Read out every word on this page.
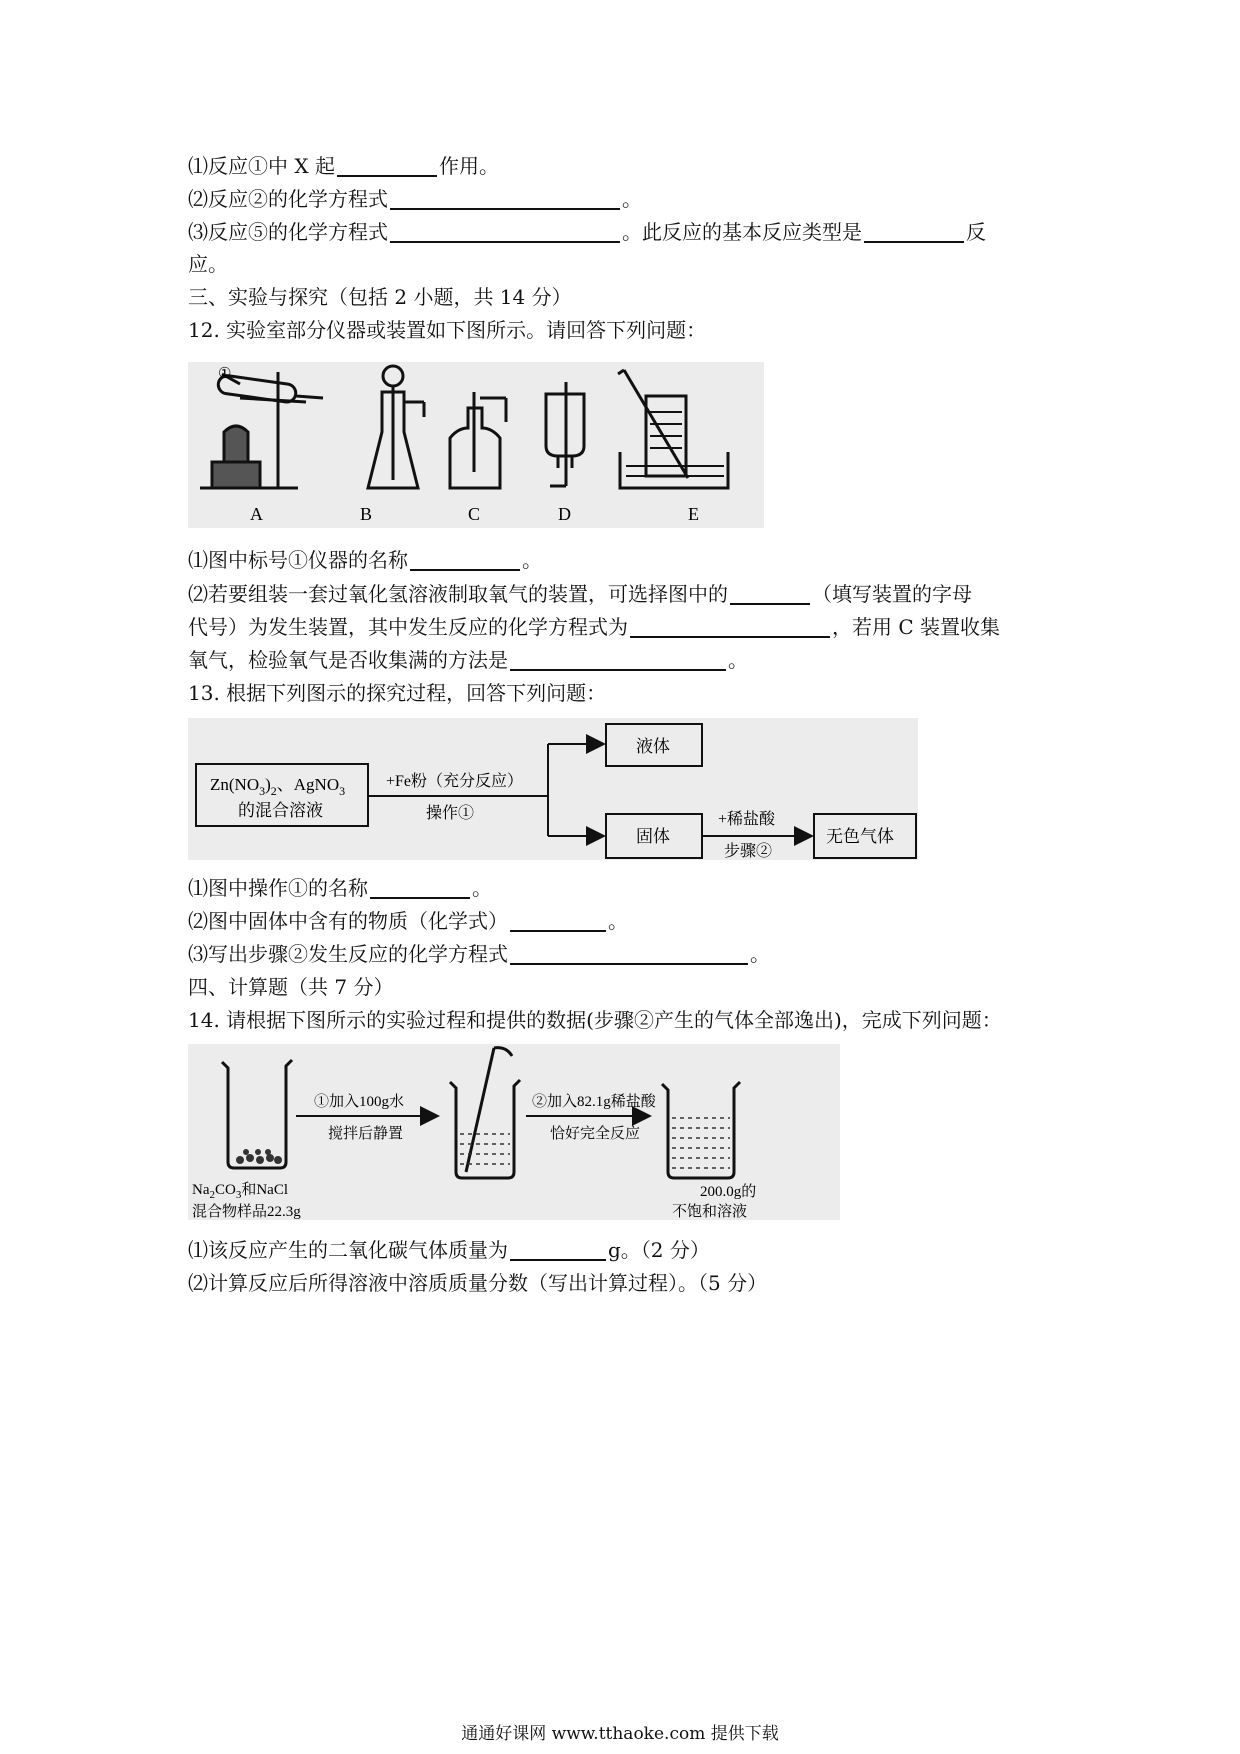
⑴反应①中 X 起	作用。
⑵反应②的化学方程式	。
⑶反应⑤的化学方程式	。此反应的基本反应类型是	反
应。
三、实验与探究（包括 2 小题，共 14 分）
12. 实验室部分仪器或装置如下图所示。请回答下列问题：
①
A	B	C	D	E
⑴图中标号①仪器的名称	。
⑵若要组装一套过氧化氢溶液制取氧气的装置，可选择图中的	（填写装置的字母
代号）为发生装置，其中发生反应的化学方程式为	，若用 C 装置收集
氧气，检验氧气是否收集满的方法是	。
13. 根据下列图示的探究过程，回答下列问题：
$Zn(NO_3)_2$、AgNO$_3$
的混合溶液
+Fe粉（充分反应）
操作①
液体
固体
+稀盐酸
步骤②
无色气体
⑴图中操作①的名称	。
⑵图中固体中含有的物质（化学式）	。
⑶写出步骤②发生反应的化学方程式	。
四、计算题（共 7 分）
14. 请根据下图所示的实验过程和提供的数据(步骤②产生的气体全部逸出)，完成下列问题：
$Na_2CO_3$和NaCl
混合物样品22.3g
①加入100g水
搅拌后静置
②加入82.1g稀盐酸
恰好完全反应
200.0g的
不饱和溶液
⑴该反应产生的二氧化碳气体质量为	g。（2 分）
⑵计算反应后所得溶液中溶质质量分数（写出计算过程）。（5 分）
通通好课网 www.tthaoke.com 提供下载
